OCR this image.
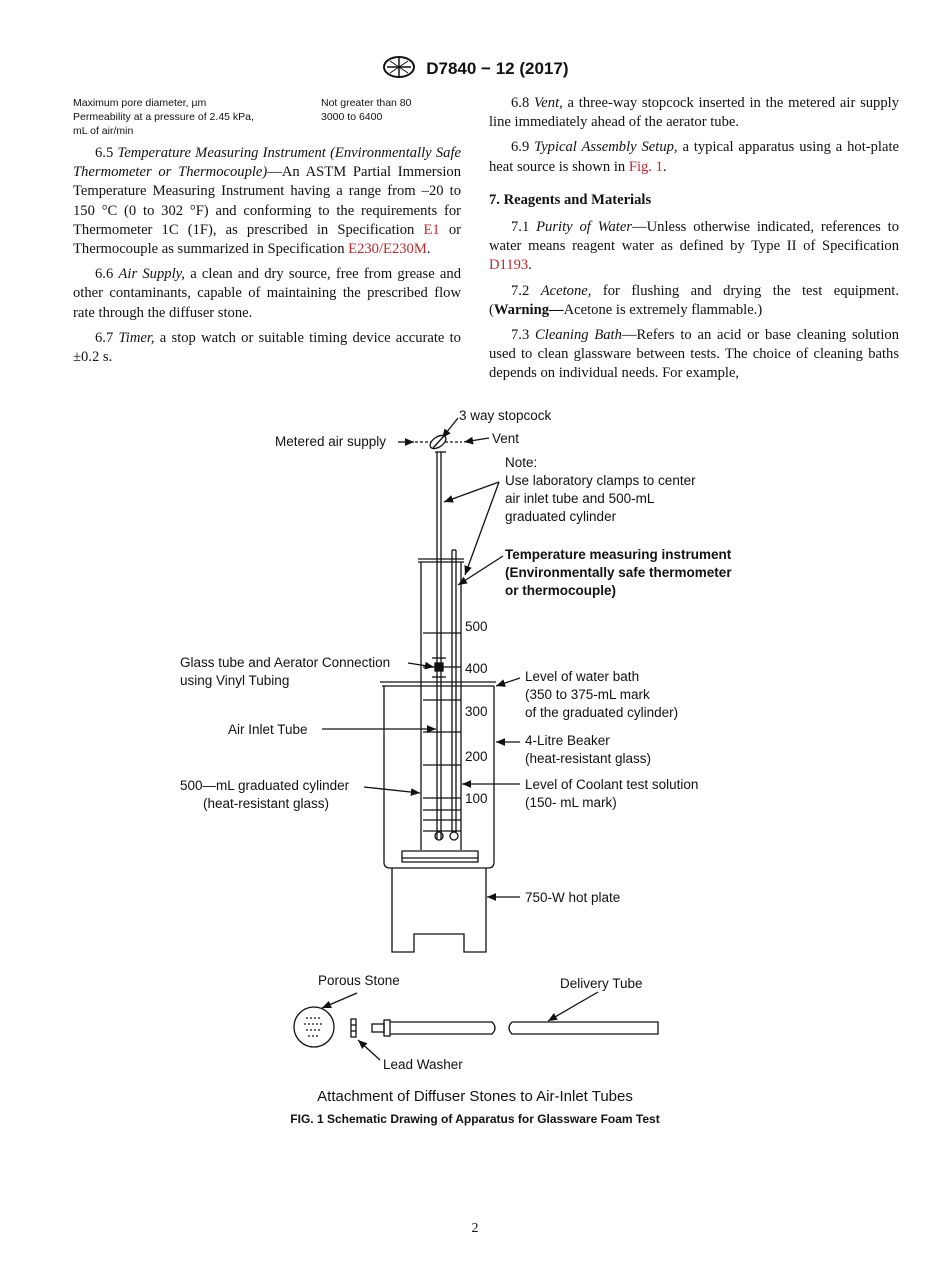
D7840 − 12 (2017)
Maximum pore diameter, µm	Not greater than 80
Permeability at a pressure of 2.45 kPa,	3000 to 6400
mL of air/min

6.5 Temperature Measuring Instrument (Environmentally Safe Thermometer or Thermocouple)—An ASTM Partial Immersion Temperature Measuring Instrument having a range from –20 to 150 °C (0 to 302 °F) and conforming to the requirements for Thermometer 1C (1F), as prescribed in Specification E1 or Thermocouple as summarized in Specification E230/E230M.

6.6 Air Supply, a clean and dry source, free from grease and other contaminants, capable of maintaining the prescribed flow rate through the diffuser stone.

6.7 Timer, a stop watch or suitable timing device accurate to ±0.2 s.

6.8 Vent, a three-way stopcock inserted in the metered air supply line immediately ahead of the aerator tube.

6.9 Typical Assembly Setup, a typical apparatus using a hot-plate heat source is shown in Fig. 1.

7. Reagents and Materials

7.1 Purity of Water—Unless otherwise indicated, references to water means reagent water as defined by Type II of Specification D1193.

7.2 Acetone, for flushing and drying the test equipment. (Warning—Acetone is extremely flammable.)

7.3 Cleaning Bath—Refers to an acid or base cleaning solution used to clean glassware between tests. The choice of cleaning baths depends on individual needs. For example,

3 way stopcock
Metered air supply	Vent
Note:
Use laboratory clamps to center
air inlet tube and 500-mL
graduated cylinder
Temperature measuring instrument
(Environmentally safe thermometer
or thermocouple)
500
400
300
200
100
Glass tube and Aerator Connection
using Vinyl Tubing	Level of water bath
(350 to 375-mL mark
of the graduated cylinder)
Air Inlet Tube
4-Litre Beaker
(heat-resistant glass)
500—mL graduated cylinder
(heat-resistant glass)
Level of Coolant test solution
(150- mL mark)
750-W hot plate
Porous Stone	Delivery Tube
Lead Washer
Attachment of Diffuser Stones to Air-Inlet Tubes
FIG. 1 Schematic Drawing of Apparatus for Glassware Foam Test
2
